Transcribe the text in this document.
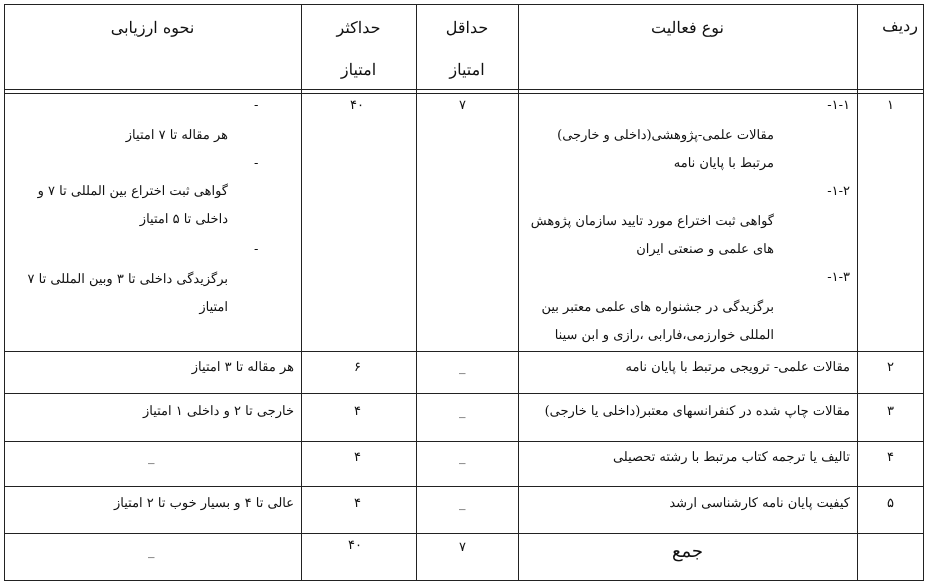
ردیف
نوع فعالیت
حداقل
امتیاز
حداکثر
امتیاز
نحوه ارزیابی
۱
۱-۱-
مقالات علمی-پژوهشی(داخلی و خارجی)
مرتبط با پایان نامه
۱-۲-
گواهی ثبت اختراع مورد تایید سازمان پژوهش
های علمی و صنعتی ایران
۱-۳-
برگزیدگی در جشنواره های علمی معتبر بین
المللی خوارزمی،فارابی ،رازی و ابن سینا
۷
۴۰
-
هر مقاله تا ۷ امتیاز
-
گواهی ثبت اختراع بین المللی تا ۷ و
داخلی تا ۵ امتیاز
-
برگزیدگی داخلی تا ۳ وبین المللی تا ۷
امتیاز
۲
مقالات علمی- ترویجی مرتبط با پایان نامه
_
۶
هر مقاله تا ۳ امتیاز
۳
مقالات چاپ شده در کنفرانسهای معتبر(داخلی یا خارجی)
_
۴
خارجی تا ۲ و داخلی ۱ امتیاز
۴
تالیف یا ترجمه کتاب مرتبط با رشته تحصیلی
_
۴
_
۵
کیفیت پایان نامه کارشناسی ارشد
_
۴
عالی تا ۴ و بسیار خوب تا ۲ امتیاز
جمع
۷
۴۰
_
